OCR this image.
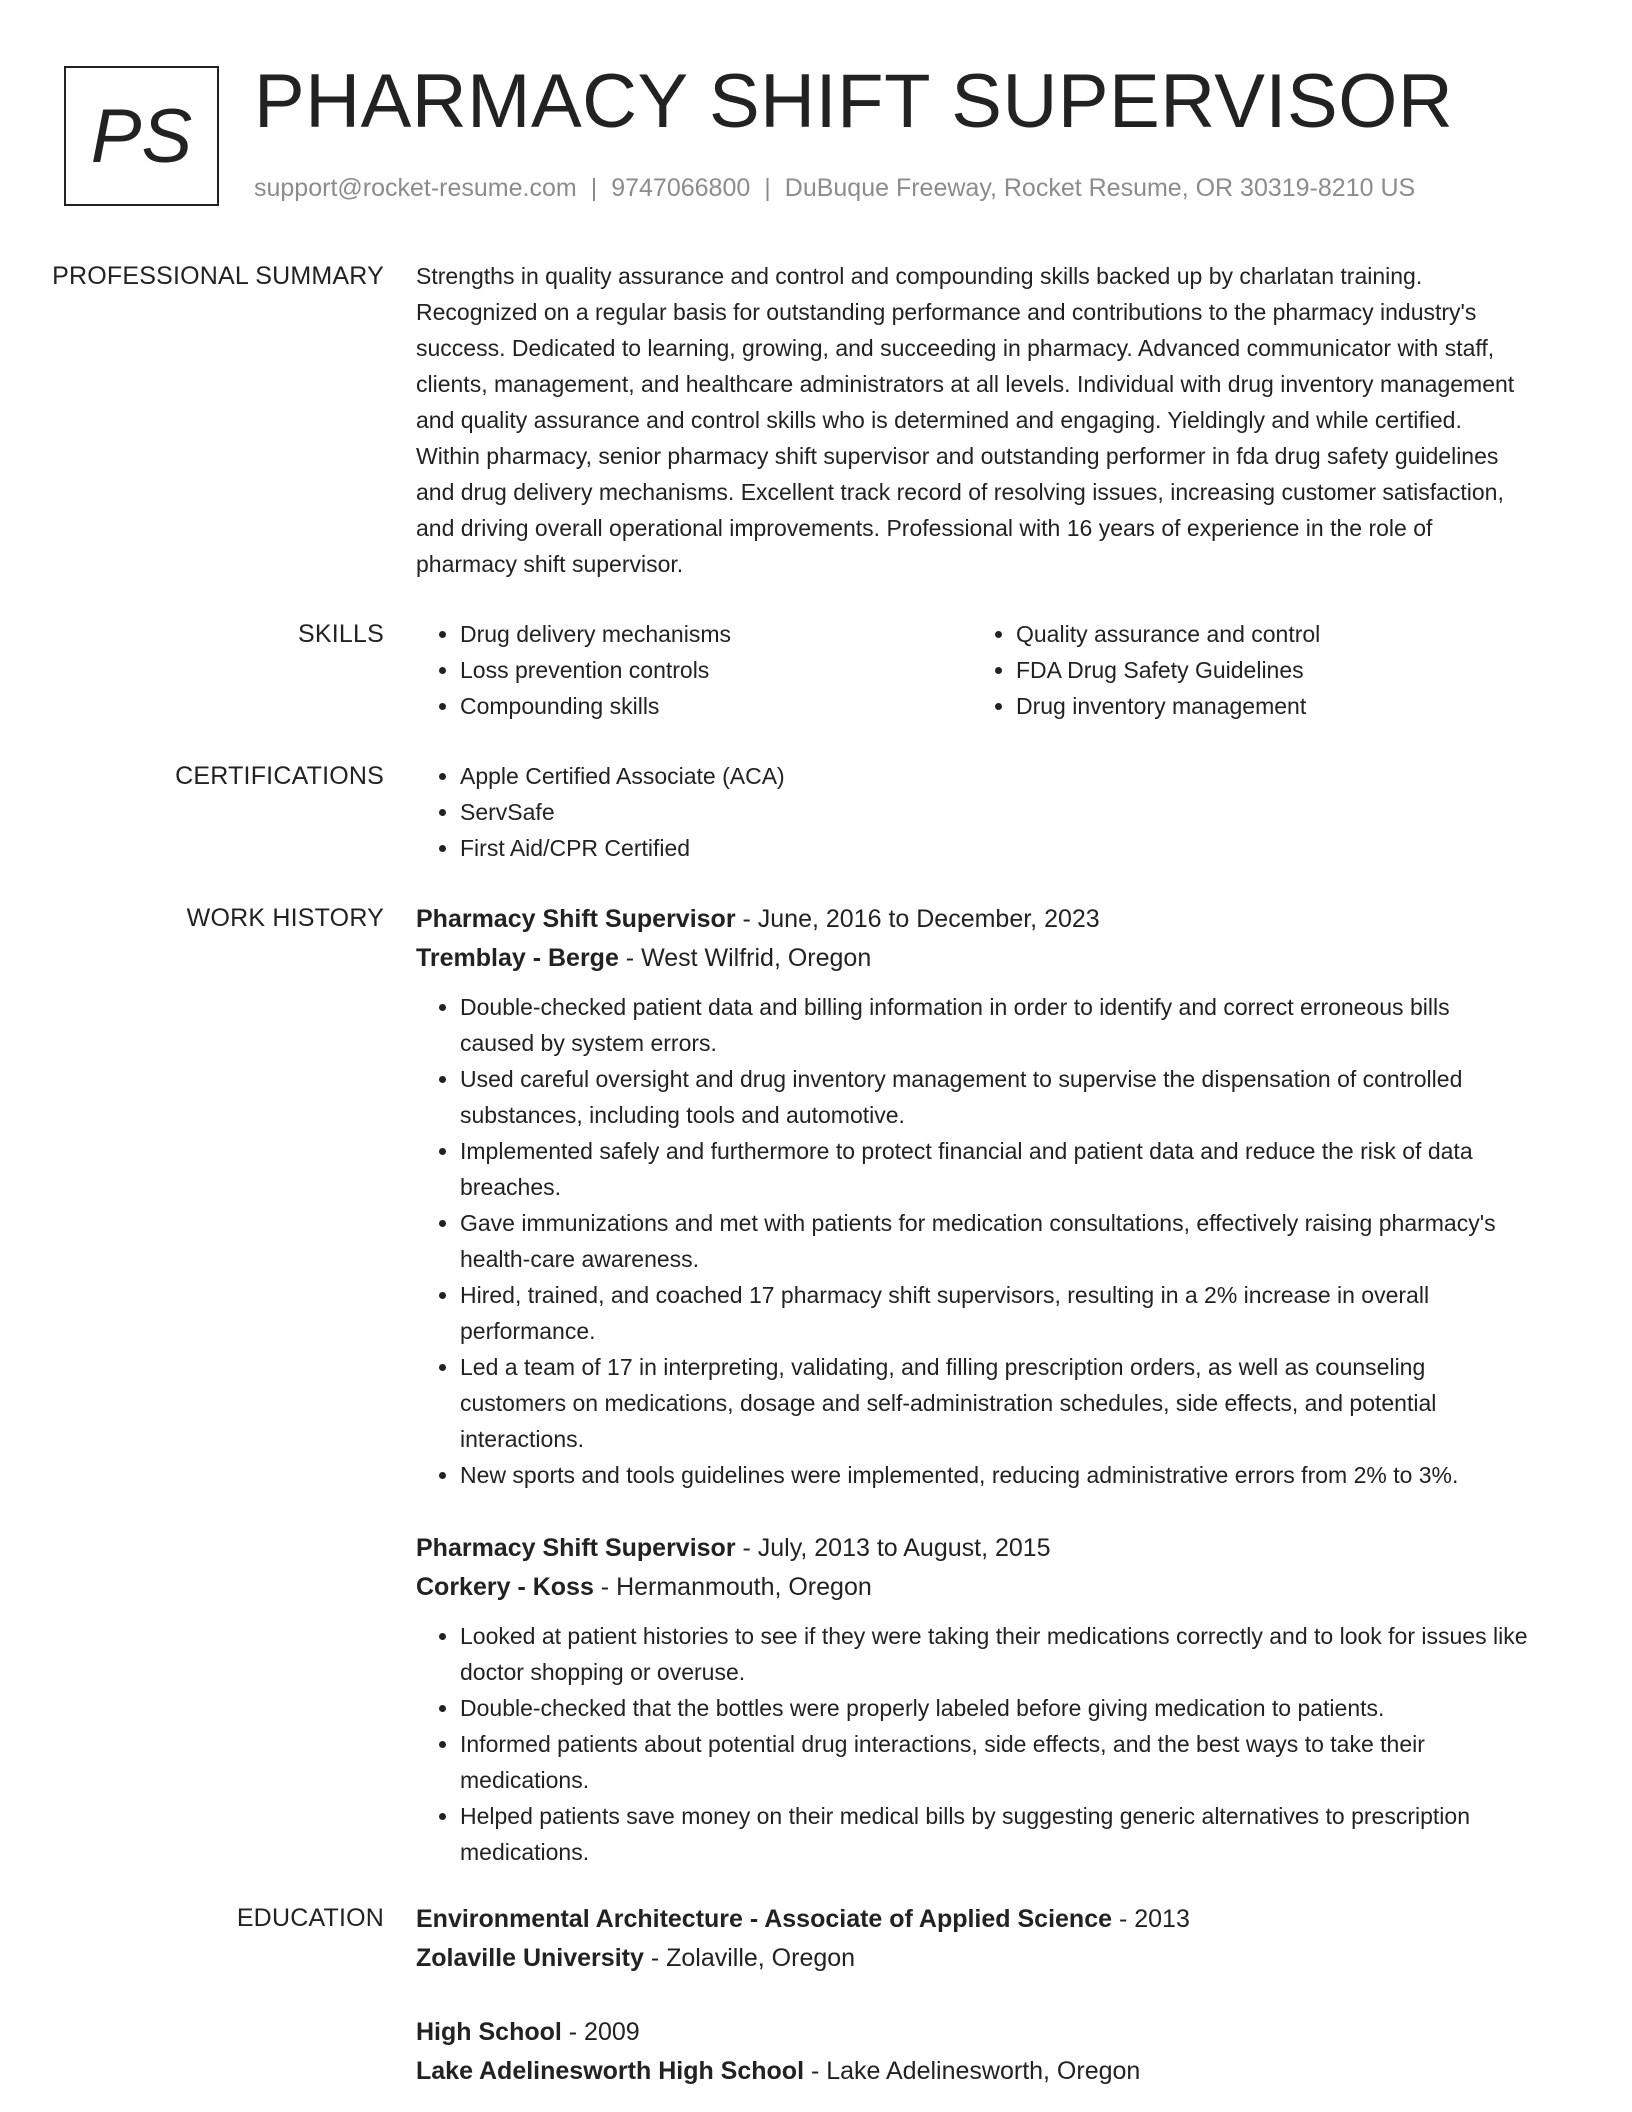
PS PHARMACY SHIFT SUPERVISOR
support@rocket-resume.com | 9747066800 | DuBuque Freeway, Rocket Resume, OR 30319-8210 US
PROFESSIONAL SUMMARY	Strengths in quality assurance and control and compounding skills backed up by charlatan training. Recognized on a regular basis for outstanding performance and contributions to the pharmacy industry's success. Dedicated to learning, growing, and succeeding in pharmacy. Advanced communicator with staff, clients, management, and healthcare administrators at all levels. Individual with drug inventory management and quality assurance and control skills who is determined and engaging. Yieldingly and while certified. Within pharmacy, senior pharmacy shift supervisor and outstanding performer in fda drug safety guidelines and drug delivery mechanisms. Excellent track record of resolving issues, increasing customer satisfaction, and driving overall operational improvements. Professional with 16 years of experience in the role of pharmacy shift supervisor.

SKILLS	• Drug delivery mechanisms
• Loss prevention controls
• Compounding skills
• Quality assurance and control
• FDA Drug Safety Guidelines
• Drug inventory management
CERTIFICATIONS	• Apple Certified Associate (ACA)
• ServSafe
• First Aid/CPR Certified
WORK HISTORY	Pharmacy Shift Supervisor - June, 2016 to December, 2023
Tremblay - Berge - West Wilfrid, Oregon
• Double-checked patient data and billing information in order to identify and correct erroneous bills caused by system errors.
• Used careful oversight and drug inventory management to supervise the dispensation of controlled substances, including tools and automotive.
• Implemented safely and furthermore to protect financial and patient data and reduce the risk of data breaches.
• Gave immunizations and met with patients for medication consultations, effectively raising pharmacy's health-care awareness.
• Hired, trained, and coached 17 pharmacy shift supervisors, resulting in a 2% increase in overall performance.
• Led a team of 17 in interpreting, validating, and filling prescription orders, as well as counseling customers on medications, dosage and self-administration schedules, side effects, and potential interactions.
• New sports and tools guidelines were implemented, reducing administrative errors from 2% to 3%.
Pharmacy Shift Supervisor - July, 2013 to August, 2015
Corkery - Koss - Hermanmouth, Oregon
• Looked at patient histories to see if they were taking their medications correctly and to look for issues like doctor shopping or overuse.
• Double-checked that the bottles were properly labeled before giving medication to patients.
• Informed patients about potential drug interactions, side effects, and the best ways to take their medications.
• Helped patients save money on their medical bills by suggesting generic alternatives to prescription medications.
EDUCATION	Environmental Architecture - Associate of Applied Science - 2013
Zolaville University - Zolaville, Oregon
High School - 2009
Lake Adelinesworth High School - Lake Adelinesworth, Oregon
